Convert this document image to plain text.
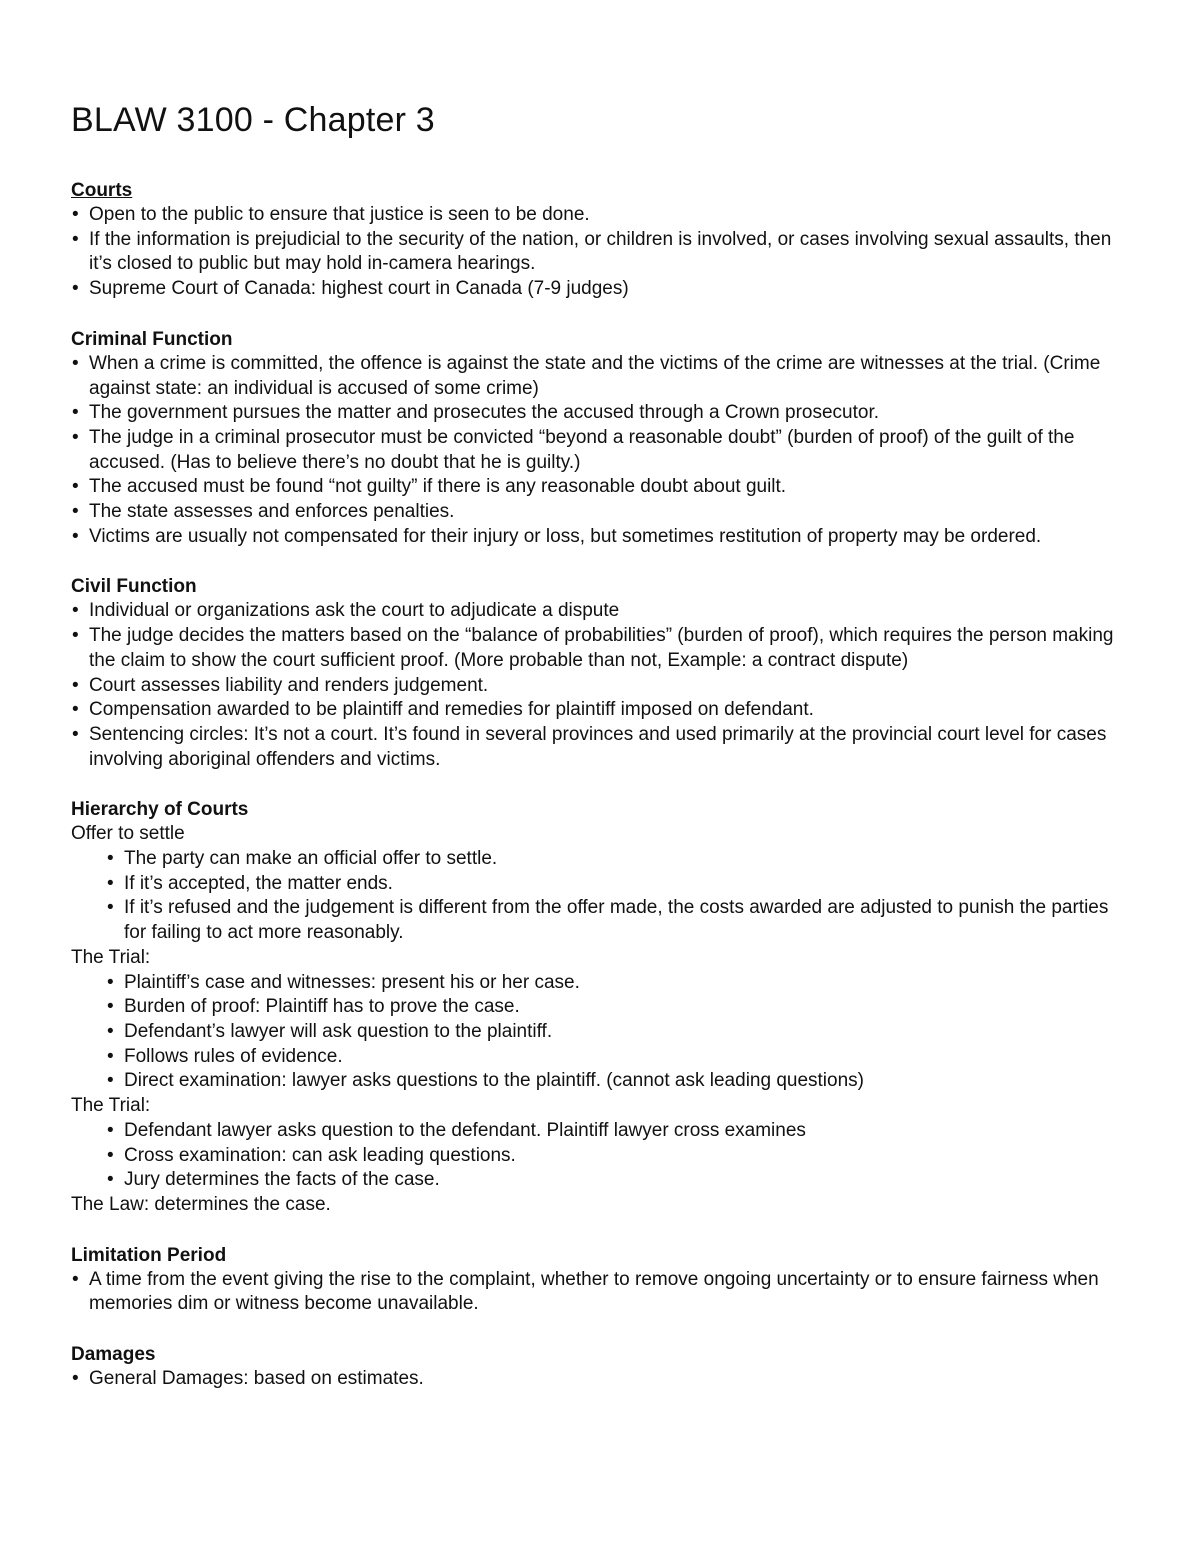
BLAW 3100 - Chapter 3

Courts

• Open to the public to ensure that justice is seen to be done.
• If the information is prejudicial to the security of the nation, or children is involved, or cases involving sexual assaults, then it’s closed to public but may hold in-camera hearings.
• Supreme Court of Canada: highest court in Canada (7-9 judges)

Criminal Function

• When a crime is committed, the offence is against the state and the victims of the crime are witnesses at the trial. (Crime against state: an individual is accused of some crime)
• The government pursues the matter and prosecutes the accused through a Crown prosecutor.
• The judge in a criminal prosecutor must be convicted “beyond a reasonable doubt” (burden of proof) of the guilt of the accused. (Has to believe there’s no doubt that he is guilty.)
• The accused must be found “not guilty” if there is any reasonable doubt about guilt.
• The state assesses and enforces penalties.
• Victims are usually not compensated for their injury or loss, but sometimes restitution of property may be ordered.

Civil Function

• Individual or organizations ask the court to adjudicate a dispute
• The judge decides the matters based on the “balance of probabilities” (burden of proof), which requires the person making the claim to show the court sufficient proof. (More probable than not, Example: a contract dispute)
• Court assesses liability and renders judgement.
• Compensation awarded to be plaintiff and remedies for plaintiff imposed on defendant.
• Sentencing circles: It’s not a court. It’s found in several provinces and used primarily at the provincial court level for cases involving aboriginal offenders and victims.

Hierarchy of Courts

Offer to settle

• The party can make an official offer to settle.
• If it’s accepted, the matter ends.
• If it’s refused and the judgement is different from the offer made, the costs awarded are adjusted to punish the parties for failing to act more reasonably.

The Trial:

• Plaintiff’s case and witnesses: present his or her case.
• Burden of proof: Plaintiff has to prove the case.
• Defendant’s lawyer will ask question to the plaintiff.
• Follows rules of evidence.
• Direct examination: lawyer asks questions to the plaintiff. (cannot ask leading questions)

The Trial:

• Defendant lawyer asks question to the defendant. Plaintiff lawyer cross examines
• Cross examination: can ask leading questions.
• Jury determines the facts of the case.

The Law: determines the case.

Limitation Period

• A time from the event giving the rise to the complaint, whether to remove ongoing uncertainty or to ensure fairness when memories dim or witness become unavailable.

Damages

• General Damages: based on estimates.
